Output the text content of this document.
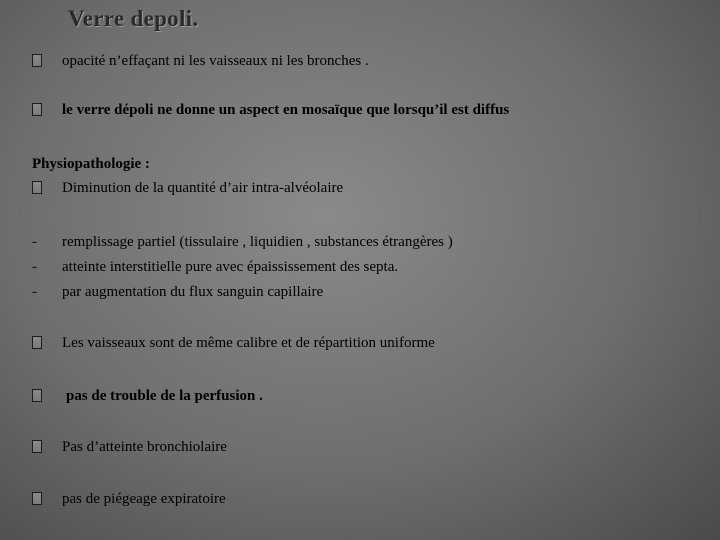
Verre depoli.
opacité n’effaçant ni les vaisseaux ni les bronches .
le verre dépoli ne donne un aspect en mosaïque que lorsqu’il est diffus
Physiopathologie :
Diminution de la quantité d’air intra-alvéolaire
-	remplissage partiel (tissulaire , liquidien , substances étrangères )
-	atteinte interstitielle pure avec épaississement des septa.
-	par augmentation du flux sanguin capillaire
Les vaisseaux sont de même calibre et de répartition uniforme
pas de trouble de la perfusion .
Pas d’atteinte bronchiolaire
pas de piégeage expiratoire
